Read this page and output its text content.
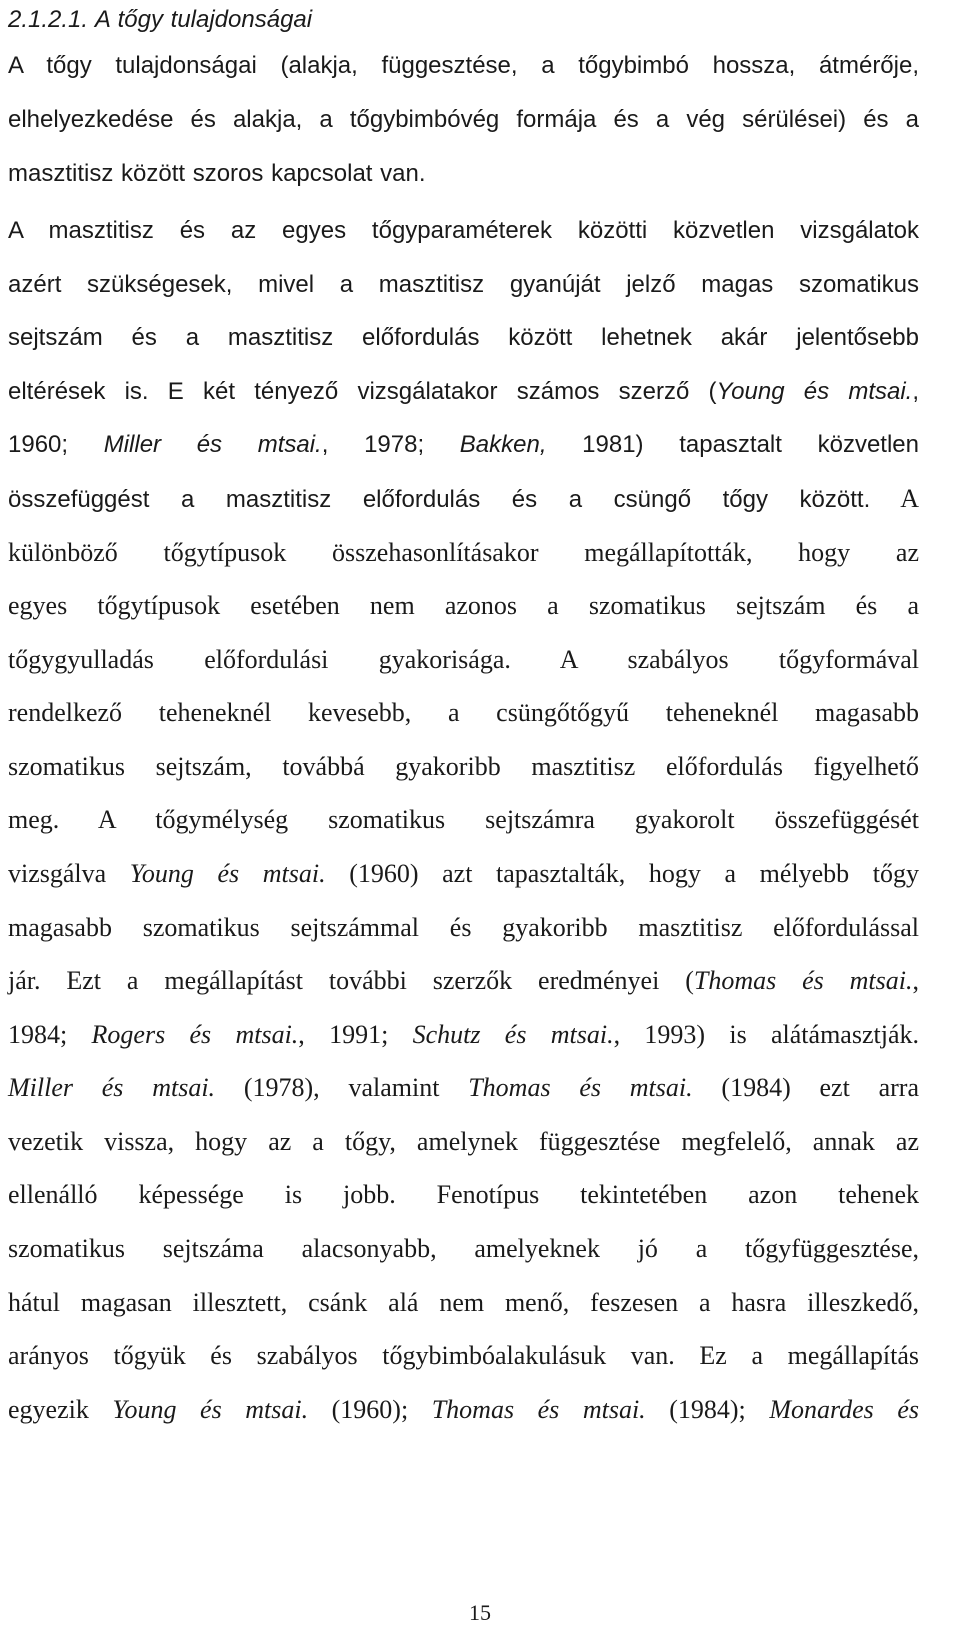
2.1.2.1. A tőgy tulajdonságai
A tőgy tulajdonságai (alakja, függesztése, a tőgybimbó hossza, átmérője,
elhelyezkedése és alakja, a tőgybimbóvég formája és a vég sérülései) és a
masztitisz között szoros kapcsolat van.
A masztitisz és az egyes tőgyparaméterek közötti közvetlen vizsgálatok
azért szükségesek, mivel a masztitisz gyanúját jelző magas szomatikus
sejtszám és a masztitisz előfordulás között lehetnek akár jelentősebb
eltérések is. E két tényező vizsgálatakor számos szerző (Young és mtsai.,
1960; Miller és mtsai., 1978; Bakken, 1981) tapasztalt közvetlen
összefüggést a masztitisz előfordulás és a csüngő tőgy között. A
különböző tőgytípusok összehasonlításakor megállapították, hogy az
egyes tőgytípusok esetében nem azonos a szomatikus sejtszám és a
tőgygyulladás előfordulási gyakorisága. A szabályos tőgyformával
rendelkező teheneknél kevesebb, a csüngőtőgyű teheneknél magasabb
szomatikus sejtszám, továbbá gyakoribb masztitisz előfordulás figyelhető
meg. A tőgymélység szomatikus sejtszámra gyakorolt összefüggését
vizsgálva Young és mtsai. (1960) azt tapasztalták, hogy a mélyebb tőgy
magasabb szomatikus sejtszámmal és gyakoribb masztitisz előfordulással
jár. Ezt a megállapítást további szerzők eredményei (Thomas és mtsai.,
1984; Rogers és mtsai., 1991; Schutz és mtsai., 1993) is alátámasztják.
Miller és mtsai. (1978), valamint Thomas és mtsai. (1984) ezt arra
vezetik vissza, hogy az a tőgy, amelynek függesztése megfelelő, annak az
ellenálló képessége is jobb. Fenotípus tekintetében azon tehenek
szomatikus sejtszáma alacsonyabb, amelyeknek jó a tőgyfüggesztése,
hátul magasan illesztett, csánk alá nem menő, feszesen a hasra illeszkedő,
arányos tőgyük és szabályos tőgybimbóalakulásuk van. Ez a megállapítás
egyezik Young és mtsai. (1960); Thomas és mtsai. (1984); Monardes és
15
